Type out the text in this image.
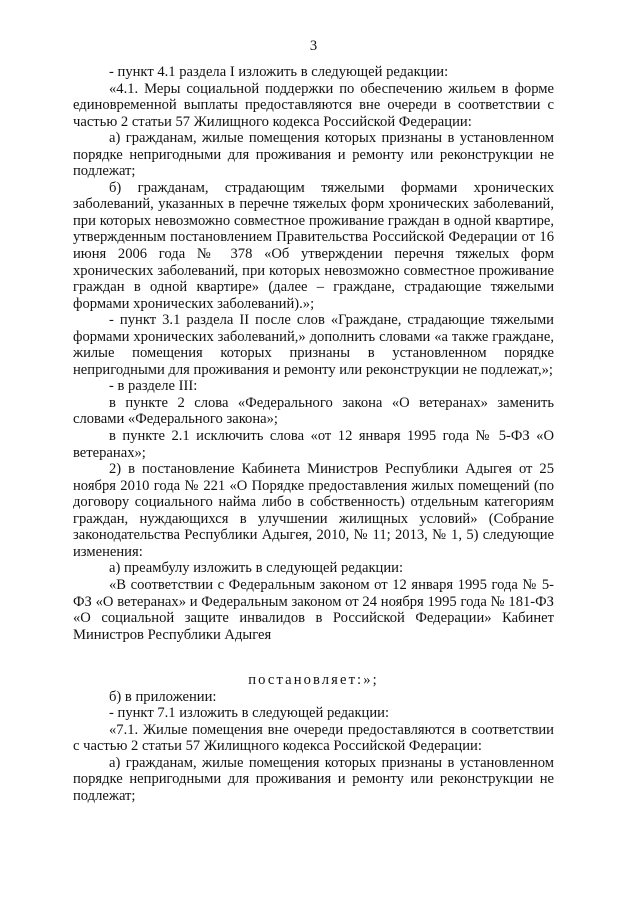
3

- пункт 4.1 раздела I изложить в следующей редакции:

«4.1. Меры социальной поддержки по обеспечению жильем в форме единовременной выплаты предоставляются вне очереди в соответствии с частью 2 статьи 57 Жилищного кодекса Российской Федерации:

а) гражданам, жилые помещения которых признаны в установленном порядке непригодными для проживания и ремонту или реконструкции не подлежат;

б) гражданам, страдающим тяжелыми формами хронических заболеваний, указанных в перечне тяжелых форм хронических заболеваний, при которых невозможно совместное проживание граждан в одной квартире, утвержденным постановлением Правительства Российской Федерации от 16 июня 2006 года № 378 «Об утверждении перечня тяжелых форм хронических заболеваний, при которых невозможно совместное проживание граждан в одной квартире» (далее – граждане, страдающие тяжелыми формами хронических заболеваний).»;

- пункт 3.1 раздела II после слов «Граждане, страдающие тяжелыми формами хронических заболеваний,» дополнить словами «а также граждане, жилые помещения которых признаны в установленном порядке непригодными для проживания и ремонту или реконструкции не подлежат,»;

- в разделе III:

в пункте 2 слова «Федерального закона «О ветеранах» заменить словами «Федерального закона»;

в пункте 2.1 исключить слова «от 12 января 1995 года № 5-ФЗ «О ветеранах»;

2) в постановление Кабинета Министров Республики Адыгея от 25 ноября 2010 года № 221 «О Порядке предоставления жилых помещений (по договору социального найма либо в собственность) отдельным категориям граждан, нуждающихся в улучшении жилищных условий» (Собрание законодательства Республики Адыгея, 2010, № 11; 2013, № 1, 5) следующие изменения:

а) преамбулу изложить в следующей редакции:

«В соответствии с Федеральным законом от 12 января 1995 года № 5-ФЗ «О ветеранах» и Федеральным законом от 24 ноября 1995 года № 181-ФЗ «О социальной защите инвалидов в Российской Федерации» Кабинет Министров Республики Адыгея

постановляет:»;

б) в приложении:

- пункт 7.1 изложить в следующей редакции:

«7.1. Жилые помещения вне очереди предоставляются в соответствии с частью 2 статьи 57 Жилищного кодекса Российской Федерации:

а) гражданам, жилые помещения которых признаны в установленном порядке непригодными для проживания и ремонту или реконструкции не подлежат;
